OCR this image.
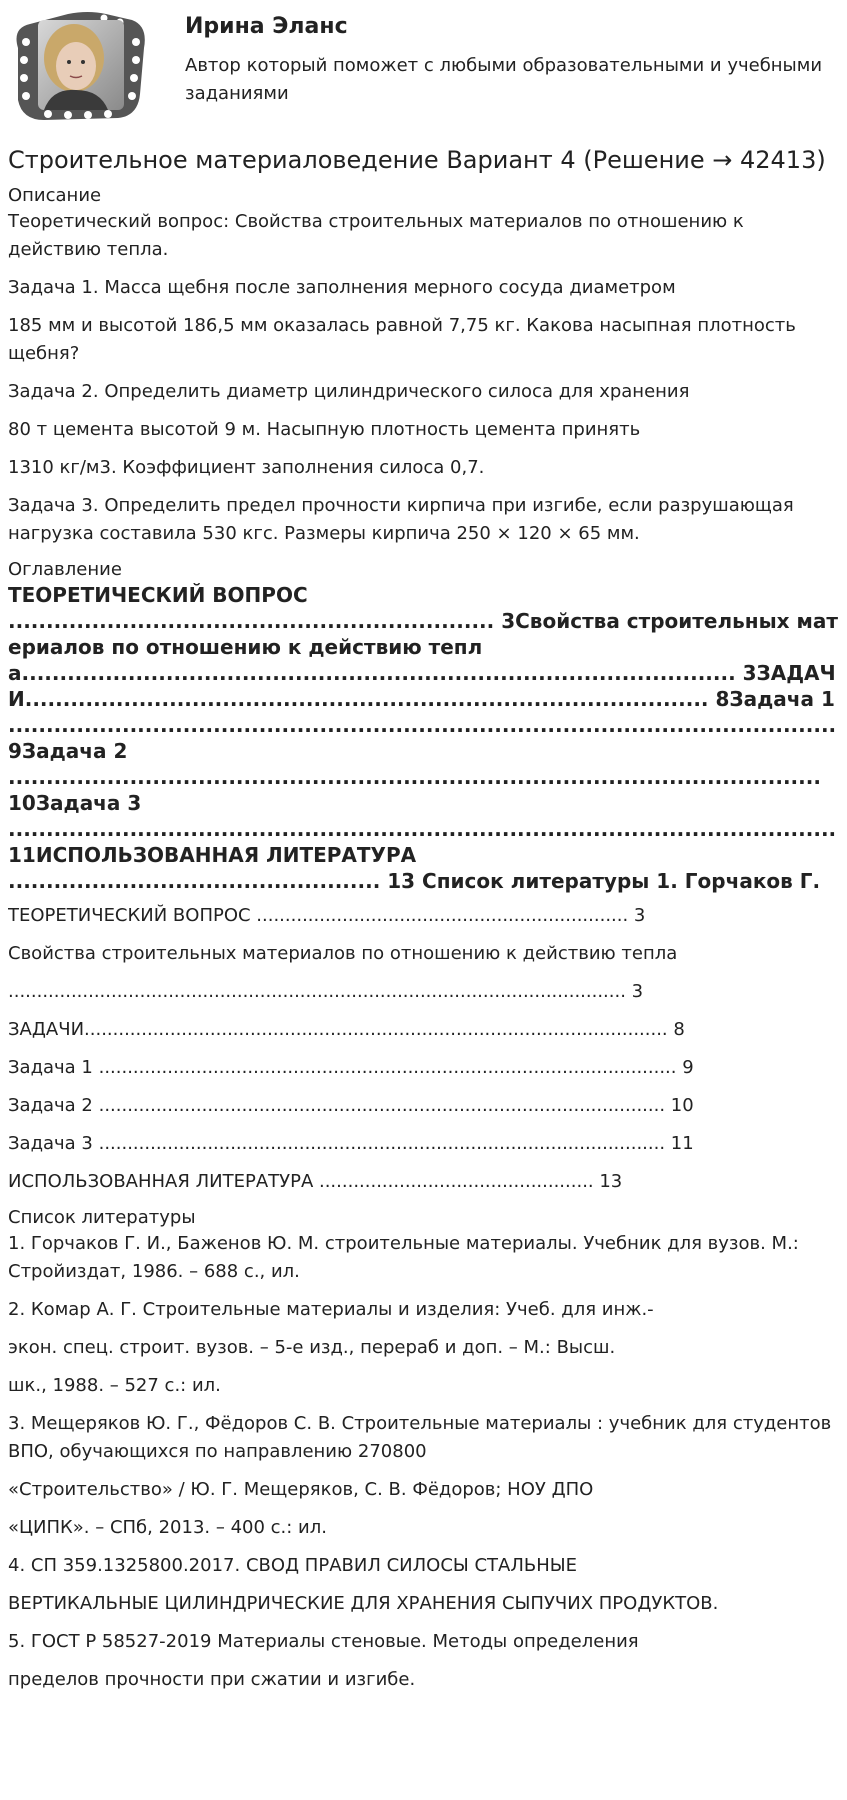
Ирина Эланс
Автор который поможет с любыми образовательными и учебными заданиями
Строительное материаловедение Вариант 4 (Решение → 42413)

Описание

Теоретический вопрос: Свойства строительных материалов по отношению к действию тепла.

Задача 1. Масса щебня после заполнения мерного сосуда диаметром

185 мм и высотой 186,5 мм оказалась равной 7,75 кг. Какова насыпная плотность щебня?

Задача 2. Определить диаметр цилиндрического силоса для хранения

80 т цемента высотой 9 м. Насыпную плотность цемента принять

1310 кг/м3. Коэффициент заполнения силоса 0,7.

Задача 3. Определить предел прочности кирпича при изгибе, если разрушающая нагрузка составила 530 кгс. Размеры кирпича 250 × 120 × 65 мм.

Оглавление

ТЕОРЕТИЧЕСКИЙ ВОПРОС

................................................................ 3Свойства строительных материалов по отношению к действию тепла.............................................................................................. 3ЗАДАЧИ.......................................................................................... 8Задача 1

.............................................................................................................

9Задача 2

...........................................................................................................

10Задача 3

.............................................................................................................

11ИСПОЛЬЗОВАННАЯ ЛИТЕРАТУРА

................................................. 13 Список литературы 1. Горчаков Г.

ТЕОРЕТИЧЕСКИЙ ВОПРОС ................................................................. 3

Свойства строительных материалов по отношению к действию тепла

............................................................................................................ 3

ЗАДАЧИ...................................................................................................... 8

Задача 1 ..................................................................................................... 9

Задача 2 ................................................................................................... 10

Задача 3 ................................................................................................... 11

ИСПОЛЬЗОВАННАЯ ЛИТЕРАТУРА ................................................ 13

Список литературы

1. Горчаков Г. И., Баженов Ю. М. строительные материалы. Учебник для вузов. М.: Стройиздат, 1986. – 688 с., ил.

2. Комар А. Г. Строительные материалы и изделия: Учеб. для инж.-

экон. спец. строит. вузов. – 5-е изд., перераб и доп. – М.: Высш.

шк., 1988. – 527 с.: ил.

3. Мещеряков Ю. Г., Фёдоров С. В. Строительные материалы : учебник для студентов ВПО, обучающихся по направлению 270800

«Строительство» / Ю. Г. Мещеряков, С. В. Фёдоров; НОУ ДПО

«ЦИПК». – СПб, 2013. – 400 с.: ил.

4. СП 359.1325800.2017. СВОД ПРАВИЛ СИЛОСЫ СТАЛЬНЫЕ

ВЕРТИКАЛЬНЫЕ ЦИЛИНДРИЧЕСКИЕ ДЛЯ ХРАНЕНИЯ СЫПУЧИХ ПРОДУКТОВ.

5. ГОСТ Р 58527-2019 Материалы стеновые. Методы определения

пределов прочности при сжатии и изгибе.
